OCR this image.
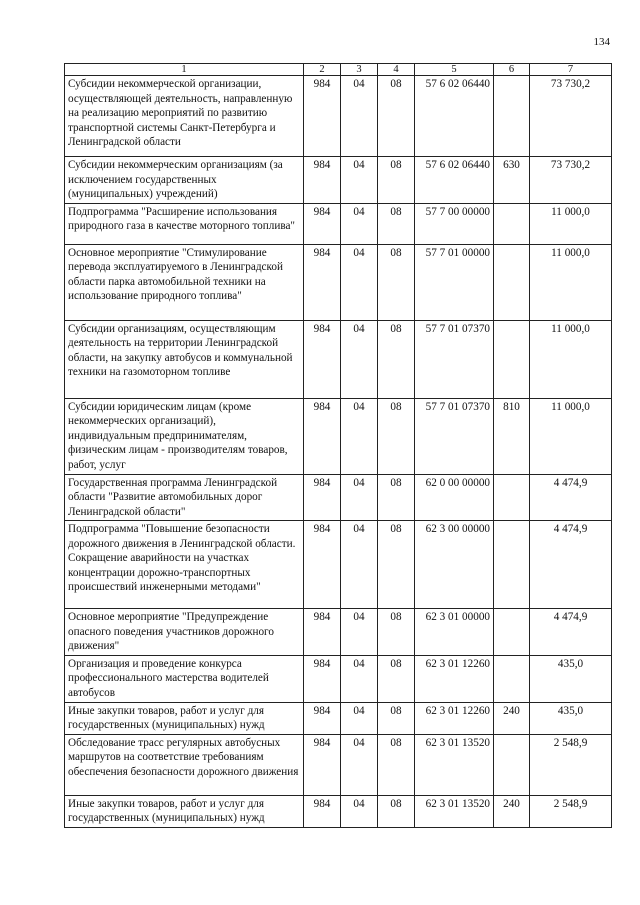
134
1	2	3	4	5	6	7
Субсидии некоммерческой организации, осуществляющей деятельность, направленную на реализацию мероприятий по развитию транспортной системы Санкт-Петербурга и Ленинградской области	984	04	08	57 6 02 06440		73 730,2
Субсидии некоммерческим организациям (за исключением государственных (муниципальных) учреждений)	984	04	08	57 6 02 06440	630	73 730,2
Подпрограмма "Расширение использования природного газа в качестве моторного топлива"	984	04	08	57 7 00 00000		11 000,0
Основное мероприятие "Стимулирование перевода эксплуатируемого в Ленинградской области парка автомобильной техники на использование природного топлива"	984	04	08	57 7 01 00000		11 000,0
Субсидии организациям, осуществляющим деятельность на территории Ленинградской области, на закупку автобусов и коммунальной техники на газомоторном топливе	984	04	08	57 7 01 07370		11 000,0
Субсидии юридическим лицам (кроме некоммерческих организаций), индивидуальным предпринимателям, физическим лицам - производителям товаров, работ, услуг	984	04	08	57 7 01 07370	810	11 000,0
Государственная программа Ленинградской области "Развитие автомобильных дорог Ленинградской области"	984	04	08	62 0 00 00000		4 474,9
Подпрограмма "Повышение безопасности дорожного движения в Ленинградской области. Сокращение аварийности на участках концентрации дорожно-транспортных происшествий инженерными методами"	984	04	08	62 3 00 00000		4 474,9
Основное мероприятие "Предупреждение опасного поведения участников дорожного движения"	984	04	08	62 3 01 00000		4 474,9
Организация и проведение конкурса профессионального мастерства водителей автобусов	984	04	08	62 3 01 12260		435,0
Иные закупки товаров, работ и услуг для государственных (муниципальных) нужд	984	04	08	62 3 01 12260	240	435,0
Обследование трасс регулярных автобусных маршрутов на соответствие требованиям обеспечения безопасности дорожного движения	984	04	08	62 3 01 13520		2 548,9
Иные закупки товаров, работ и услуг для государственных (муниципальных) нужд	984	04	08	62 3 01 13520	240	2 548,9
